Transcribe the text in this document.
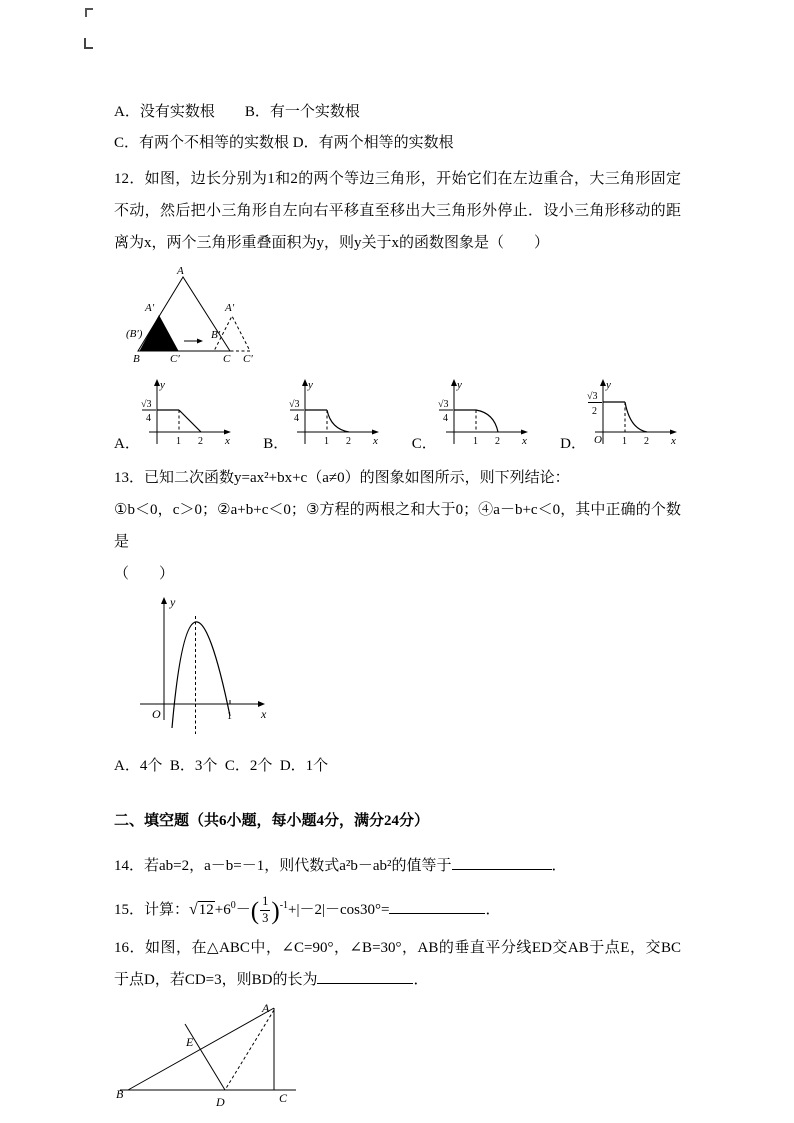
A．没有实数根　　B．有一个实数根

C．有两个不相等的实数根 D．有两个相等的实数根

12．如图，边长分别为1和2的两个等边三角形，开始它们在左边重合，大三角形固定不动，然后把小三角形自左向右平移直至移出大三角形外停止．设小三角形移动的距离为x，两个三角形重叠面积为y，则y关于x的函数图象是（　　）

A
A′
(B′)
A′
B′
B	C′	C C′
A．
y
x
√3
4
1 2	B．
y
x
√3
4
1 2	C．
y
x
√3
4
1 2	D．
y
x
√3
2
O 1 2

13．已知二次函数y=ax²+bx+c（a≠0）的图象如图所示，则下列结论：

①b＜0，c＞0；②a+b+c＜0；③方程的两根之和大于0；④a－b+c＜0，其中正确的个数是

（　　）

y
x
O	1

A．4个  B．3个  C．2个  D．1个

二、填空题（共6小题，每小题4分，满分24分）

14．若ab=2，a－b=－1，则代数式a²b－ab²的值等于	．

15．计算：$√12+6^0-( \frac{1}{3} )^{-1}+|-2|-\cos 30^\circ=$	．

16．如图，在△ABC中，∠C=90°，∠B=30°，AB的垂直平分线ED交AB于点E，交BC于点D，若CD=3，则BD的长为	．

A
B	C
D
E
